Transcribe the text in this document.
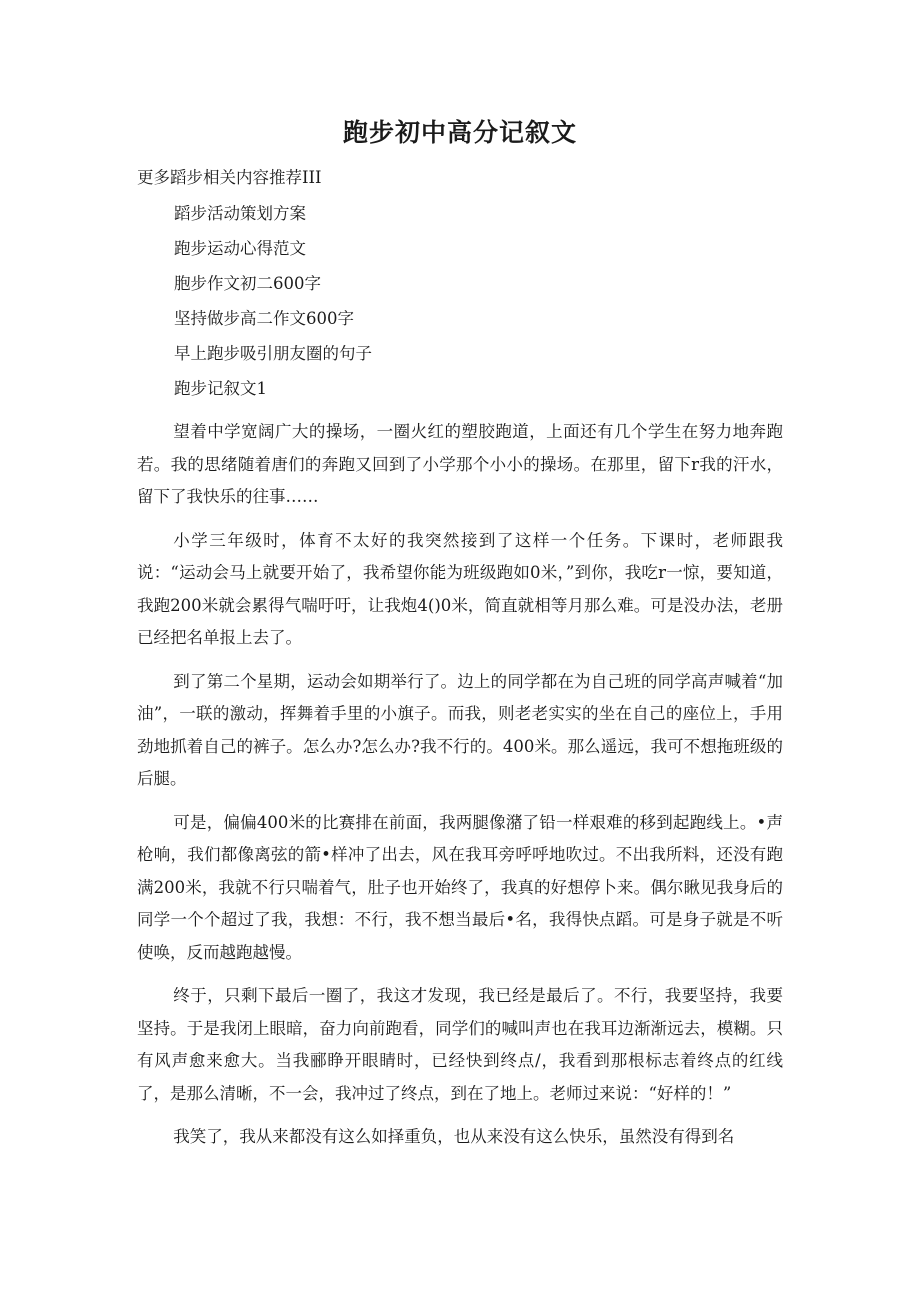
跑步初中高分记叙文

更多蹈步相关内容推荐III

蹈步活动策划方案
跑步运动心得范文
胞步作文初二600字
坚持做步高二作文600字
早上跑步吸引朋友圈的句子
跑步记叙文1

望着中学宽阔广大的操场，一圈火红的塑胶跑道，上面还有几个学生在努力地奔跑若。我的思绪随着唐们的奔跑又回到了小学那个小小的操场。在那里，留下r我的汗水，留下了我快乐的往事……

小学三年级时，体育不太好的我突然接到了这样一个任务。下课时，老师跟我说：“运动会马上就要开始了，我希望你能为班级跑如0米，”到你，我吃r一惊，要知道，我跑200米就会累得气喘吁吁，让我炮4()0米，简直就相等月那么难。可是没办法，老册已经把名单报上去了。

到了第二个星期，运动会如期举行了。边上的同学都在为自己班的同学高声喊着“加油”，一联的激动，挥舞着手里的小旗子。而我，则老老实实的坐在自己的座位上，手用劲地抓着自己的裤子。怎么办?怎么办?我不行的。400米。那么遥远，我可不想拖班级的后腿。

可是，偏偏400米的比赛排在前面，我两腿像潴了铅一样艰难的移到起跑线上。•声枪响，我们都像离弦的箭•样冲了出去，风在我耳旁呼呼地吹过。不出我所料，还没有跑满200米，我就不行只喘着气，肚子也开始终了，我真的好想停卜来。偶尔瞅见我身后的同学一个个超过了我，我想：不行，我不想当最后•名，我得快点蹈。可是身子就是不听使唤，反而越跑越慢。

终于，只剩下最后一圈了，我这才发现，我已经是最后了。不行，我要坚持，我要坚持。于是我闭上眼暗，奋力向前跑看，同学们的喊叫声也在我耳边渐渐远去，模糊。只有风声愈来愈大。当我郦睁开眼睛时，已经快到终点/，我看到那根标志着终点的红线了，是那么清晰，不一会，我冲过了终点，到在了地上。老师过来说：“好样的！”

我笑了，我从来都没有这么如择重负，也从来没有这么快乐，虽然没有得到名
